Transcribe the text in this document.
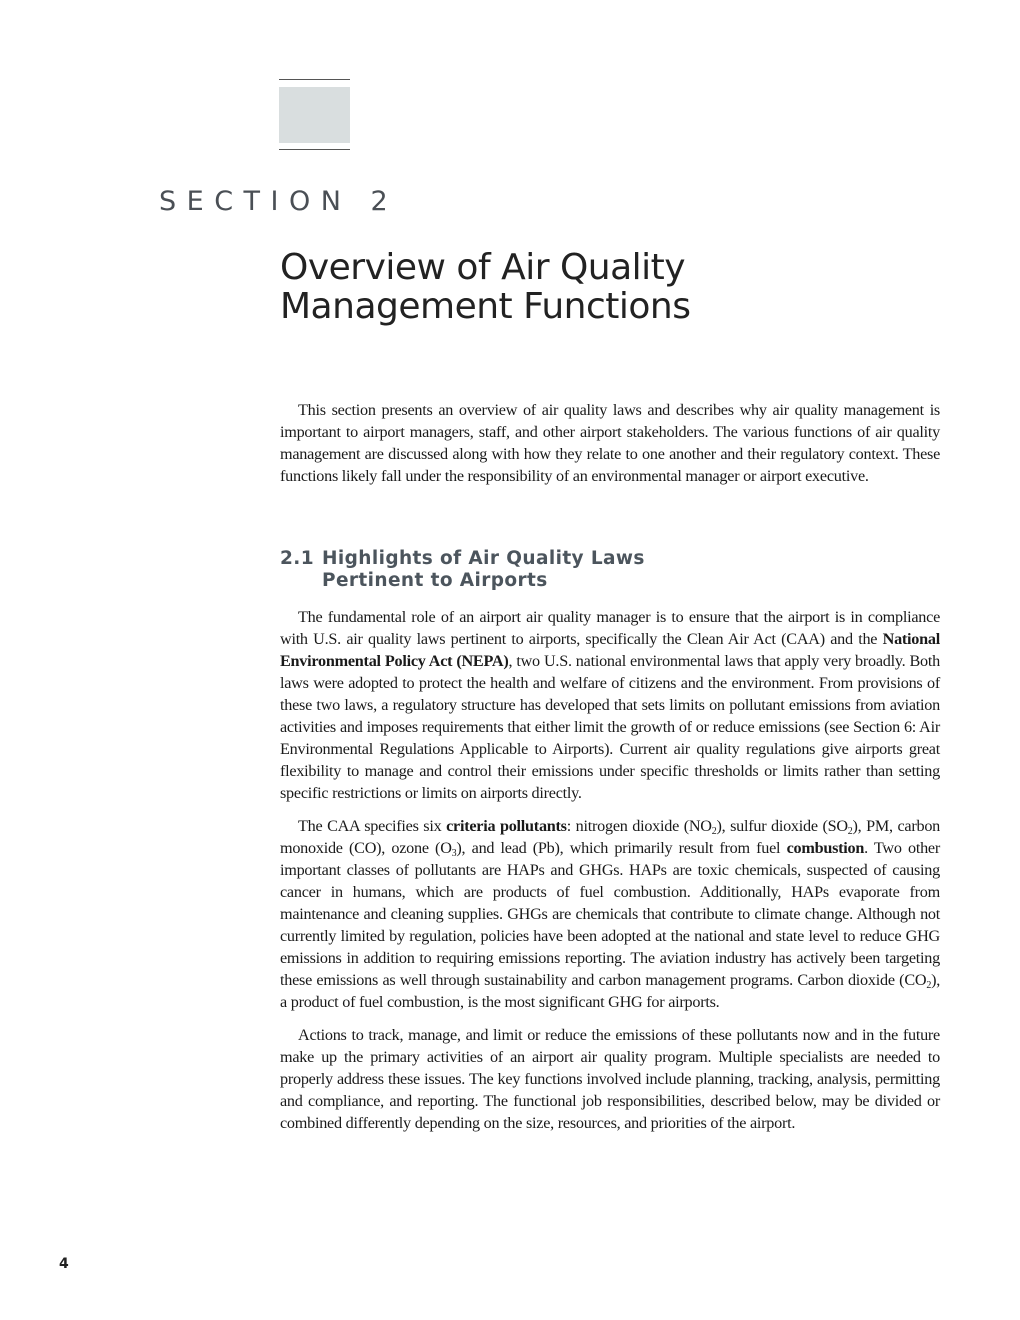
SECTION 2
Overview of Air Quality
Management Functions

This section presents an overview of air quality laws and describes why air quality management is important to airport managers, staff, and other airport stakeholders. The various functions of air quality management are discussed along with how they relate to one another and their regulatory context. These functions likely fall under the responsibility of an environmental manager or airport executive.

2.1 Highlights of Air Quality Laws
Pertinent to Airports

The fundamental role of an airport air quality manager is to ensure that the airport is in compliance with U.S. air quality laws pertinent to airports, specifically the Clean Air Act (CAA) and the National Environmental Policy Act (NEPA), two U.S. national environmental laws that apply very broadly. Both laws were adopted to protect the health and welfare of citizens and the environment. From provisions of these two laws, a regulatory structure has developed that sets limits on pollutant emissions from aviation activities and imposes requirements that either limit the growth of or reduce emissions (see Section 6: Air Environmental Regulations Applicable to Airports). Current air quality regulations give airports great flexibility to manage and control their emissions under specific thresholds or limits rather than setting specific restrictions or limits on airports directly.

The CAA specifies six criteria pollutants: nitrogen dioxide $(NO_2)$, sulfur dioxide $(SO_2)$, PM, carbon monoxide (CO), ozone $(O_3)$, and lead (Pb), which primarily result from fuel combustion. Two other important classes of pollutants are HAPs and GHGs. HAPs are toxic chemicals, suspected of causing cancer in humans, which are products of fuel combustion. Additionally, HAPs evaporate from maintenance and cleaning supplies. GHGs are chemicals that contribute to climate change. Although not currently limited by regulation, policies have been adopted at the national and state level to reduce GHG emissions in addition to requiring emissions reporting. The aviation industry has actively been targeting these emissions as well through sustainability and carbon management programs. Carbon dioxide $(CO_2)$, a product of fuel combustion, is the most significant GHG for airports.

Actions to track, manage, and limit or reduce the emissions of these pollutants now and in the future make up the primary activities of an airport air quality program. Multiple specialists are needed to properly address these issues. The key functions involved include planning, tracking, analysis, permitting and compliance, and reporting. The functional job responsibilities, described below, may be divided or combined differently depending on the size, resources, and priorities of the airport.

4
